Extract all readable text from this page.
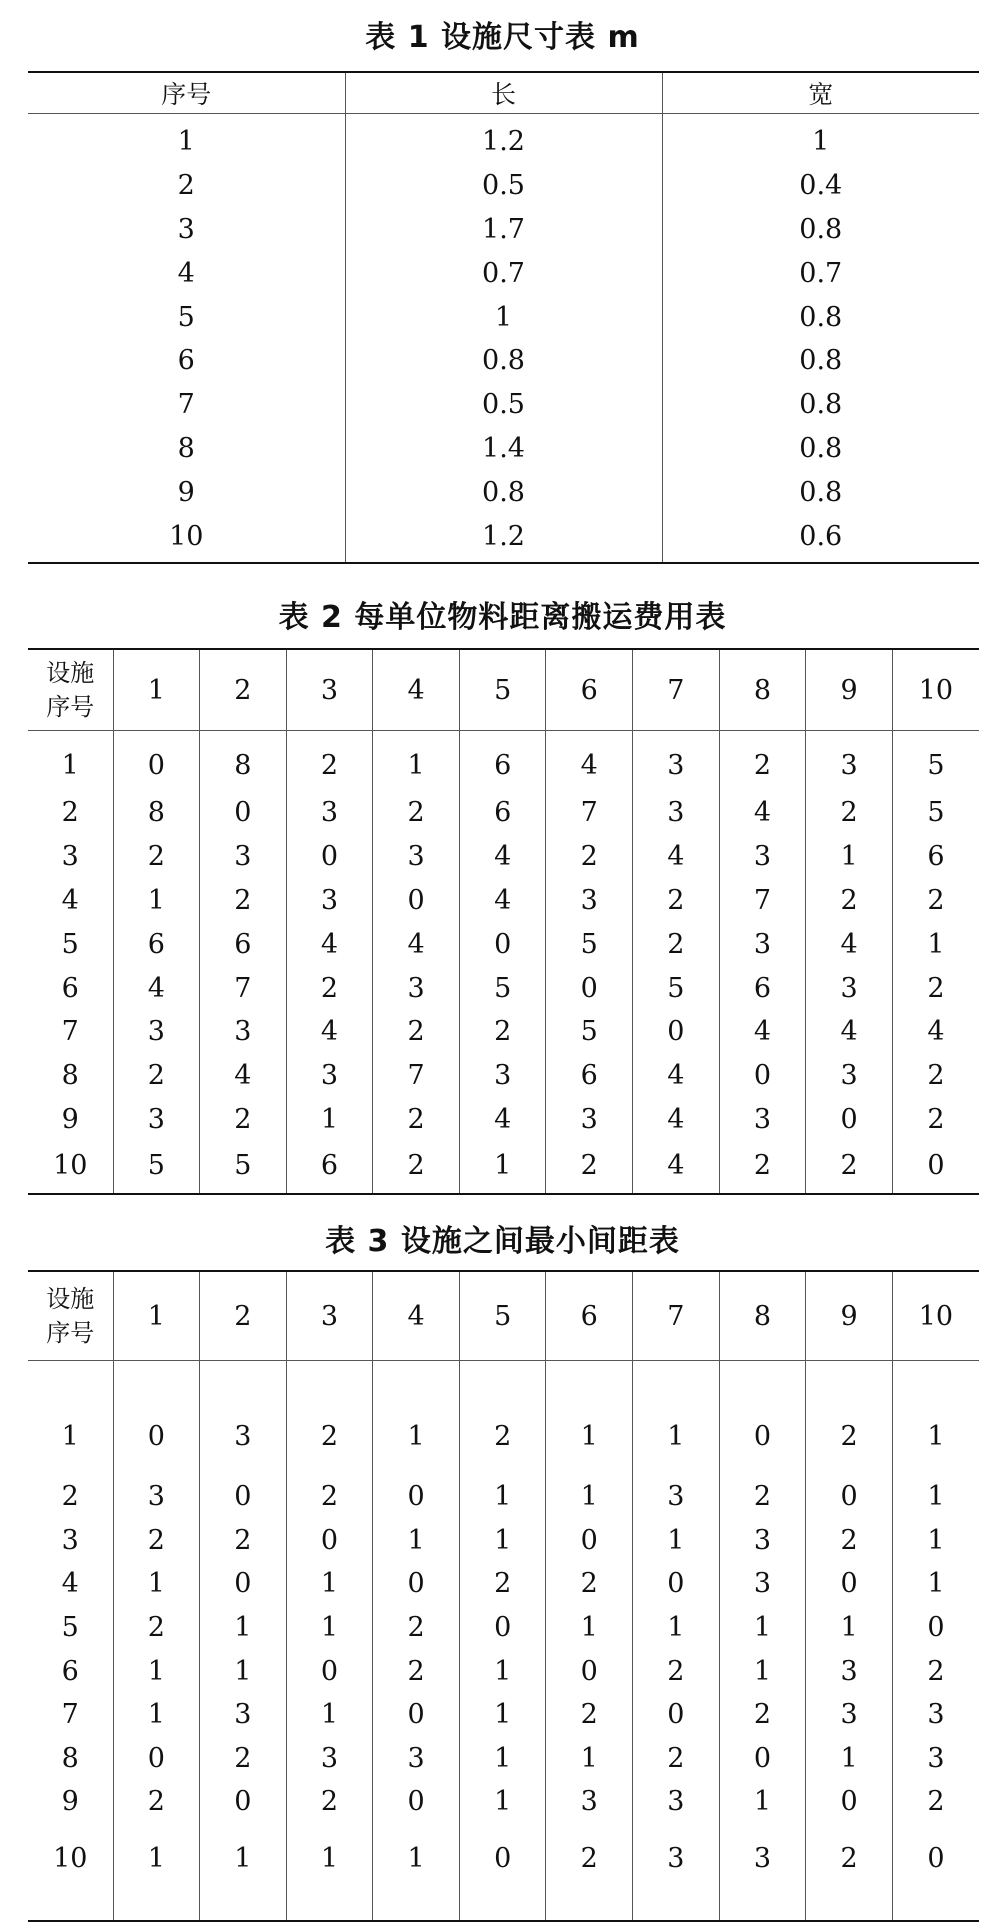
表 1 设施尺寸表 m
序号	长	宽
1	1.2	1
2	0.5	0.4
3	1.7	0.8
4	0.7	0.7
5	1	0.8
6	0.8	0.8
7	0.5	0.8
8	1.4	0.8
9	0.8	0.8
10	1.2	0.6
表 2 每单位物料距离搬运费用表
设施
序号	1	2	3	4	5	6	7	8	9	10
1	0	8	2	1	6	4	3	2	3	5
2	8	0	3	2	6	7	3	4	2	5
3	2	3	0	3	4	2	4	3	1	6
4	1	2	3	0	4	3	2	7	2	2
5	6	6	4	4	0	5	2	3	4	1
6	4	7	2	3	5	0	5	6	3	2
7	3	3	4	2	2	5	0	4	4	4
8	2	4	3	7	3	6	4	0	3	2
9	3	2	1	2	4	3	4	3	0	2
10	5	5	6	2	1	2	4	2	2	0
表 3 设施之间最小间距表
设施
序号	1	2	3	4	5	6	7	8	9	10
1	0	3	2	1	2	1	1	0	2	1
2	3	0	2	0	1	1	3	2	0	1
3	2	2	0	1	1	0	1	3	2	1
4	1	0	1	0	2	2	0	3	0	1
5	2	1	1	2	0	1	1	1	1	0
6	1	1	0	2	1	0	2	1	3	2
7	1	3	1	0	1	2	0	2	3	3
8	0	2	3	3	1	1	2	0	1	3
9	2	0	2	0	1	3	3	1	0	2
10	1	1	1	1	0	2	3	3	2	0
